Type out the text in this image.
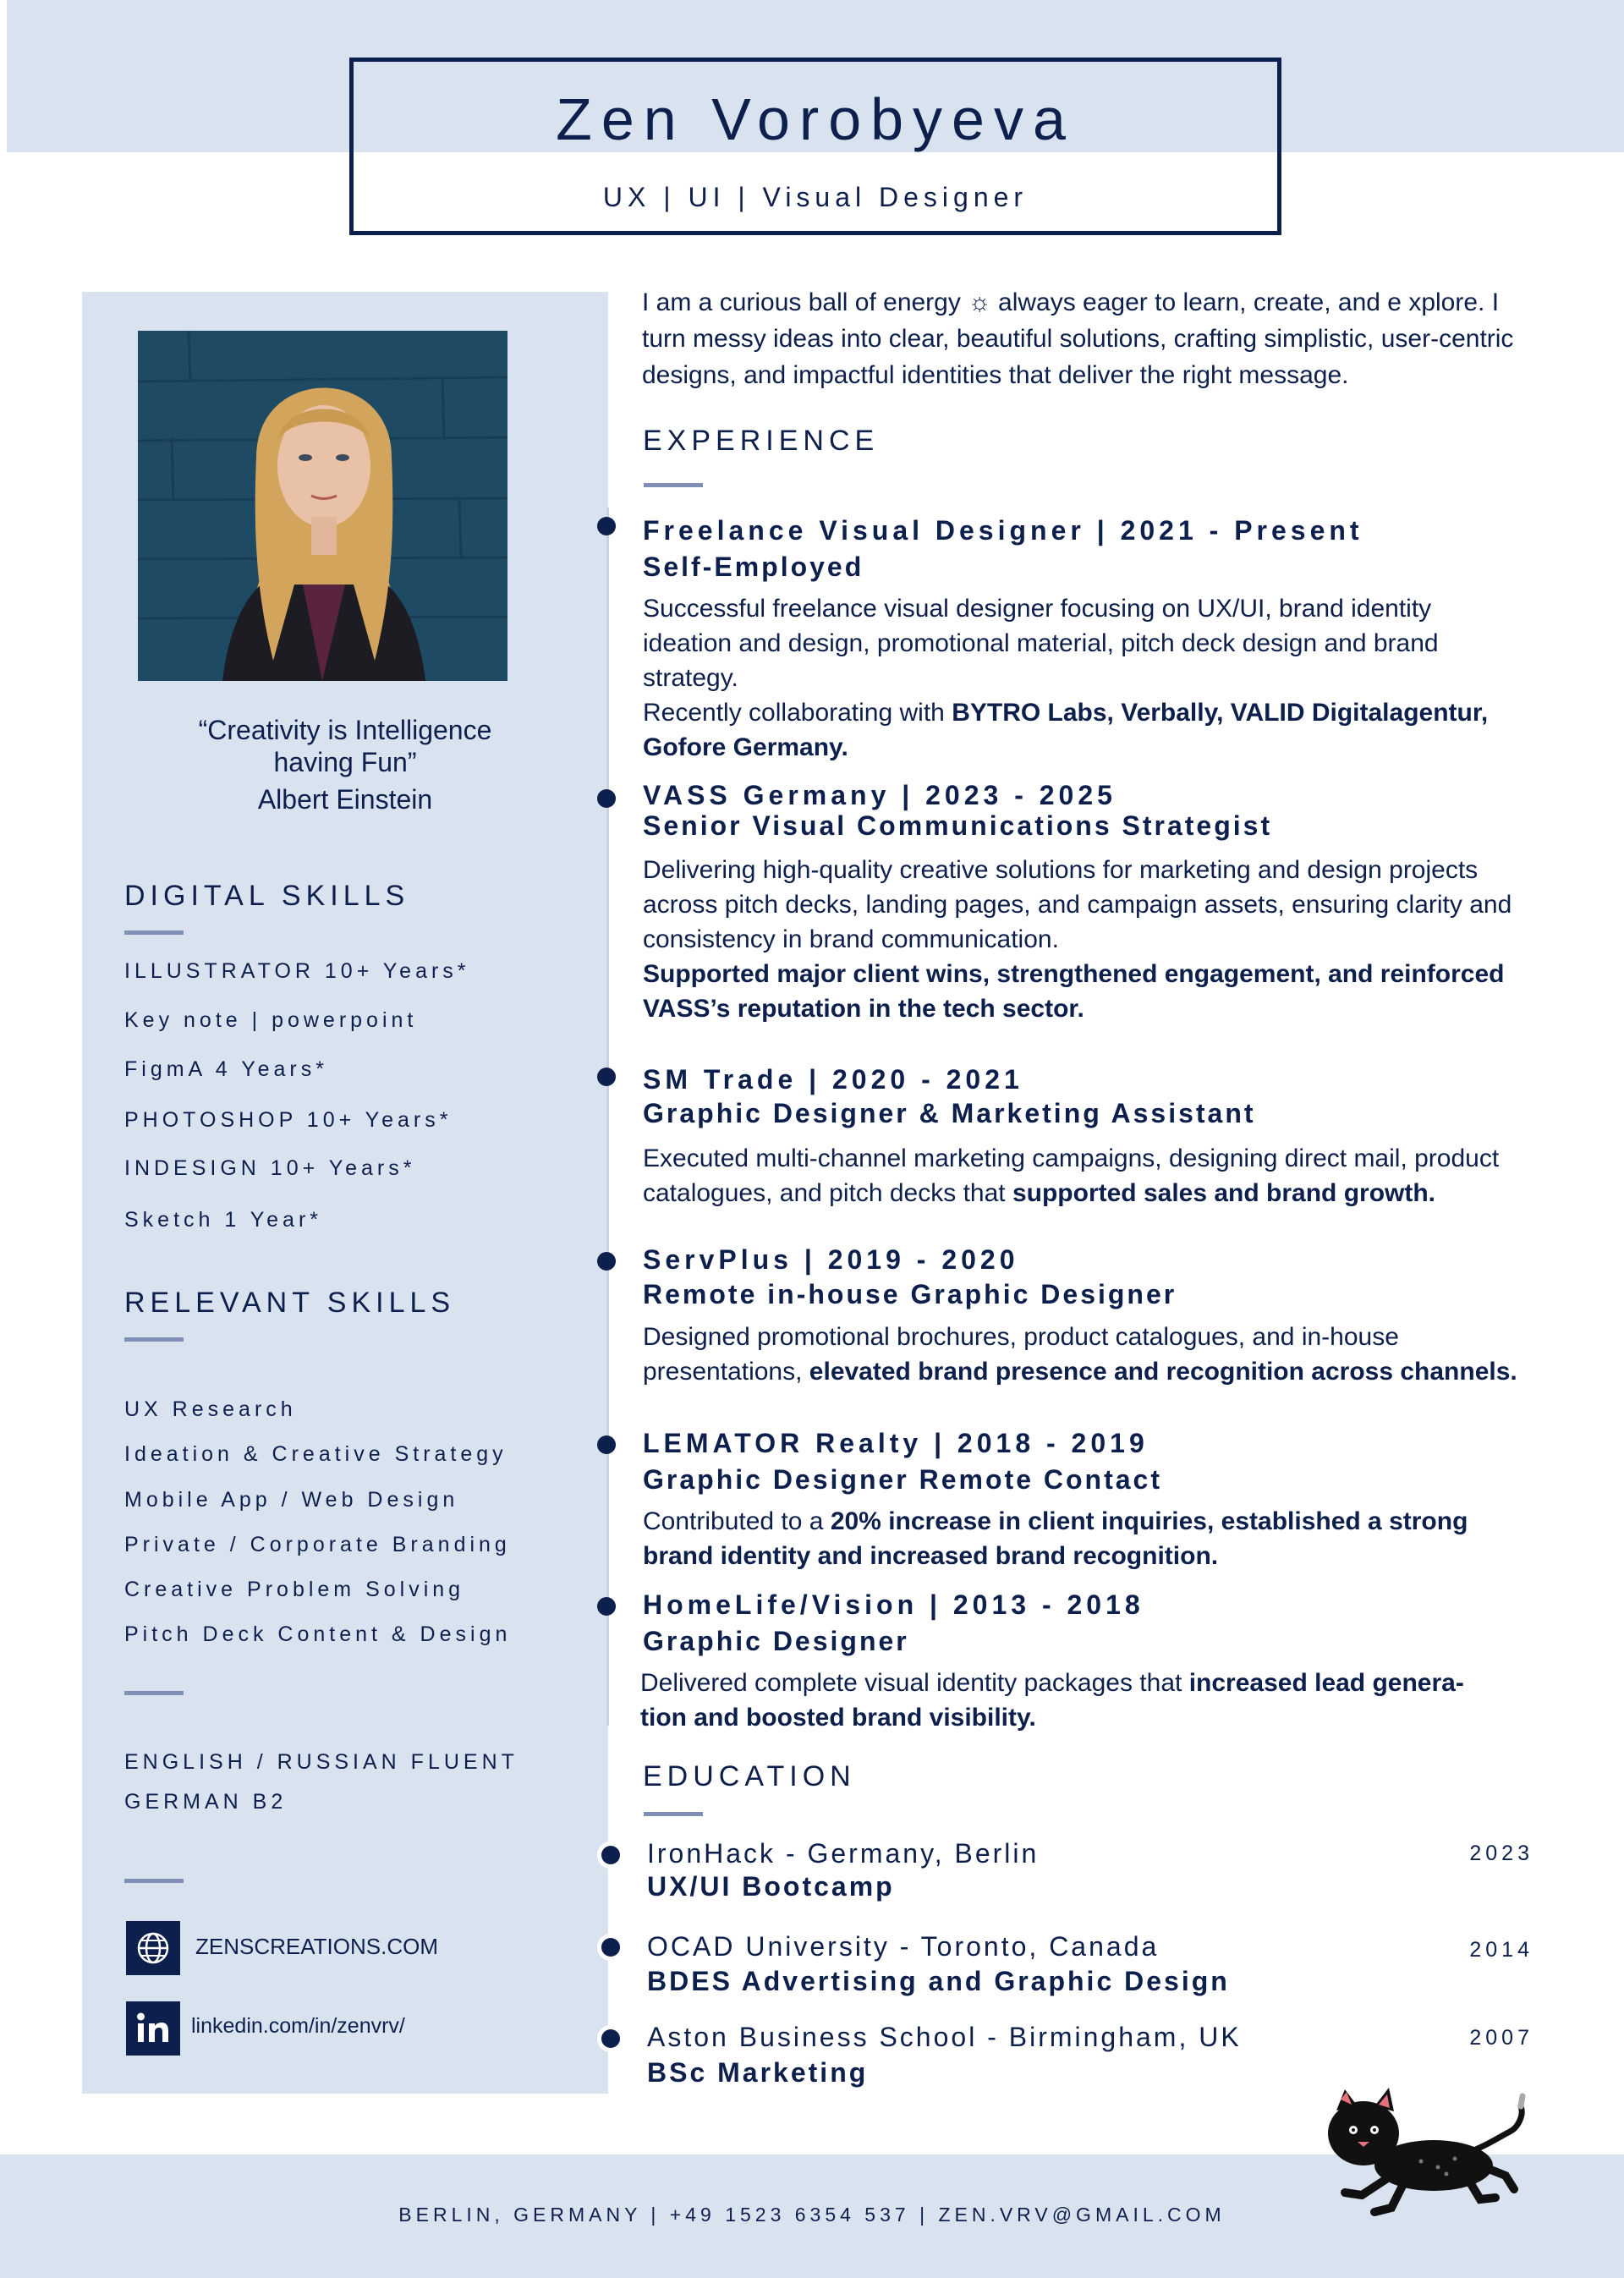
Zen Vorobyeva
UX | UI | Visual Designer
“Creativity is Intelligence
having Fun”
Albert Einstein
DIGITAL SKILLS
ILLUSTRATOR 10+ Years*
Key note | powerpoint
FigmA 4 Years*
PHOTOSHOP 10+ Years*
INDESIGN 10+ Years*
Sketch 1 Year*
RELEVANT SKILLS
UX Research
Ideation & Creative Strategy
Mobile App / Web Design
Private / Corporate Branding
Creative Problem Solving
Pitch Deck Content & Design
ENGLISH / RUSSIAN FLUENT
GERMAN B2
ZENSCREATIONS.COM
linkedin.com/in/zenvrv/
I am a curious ball of energy ☼ always eager to learn, create, and e xplore. I turn messy ideas into clear, beautiful solutions, crafting simplistic, user-centric designs, and impactful identities that deliver the right message.
EXPERIENCE
Freelance Visual Designer | 2021 - Present
Self-Employed
Successful freelance visual designer focusing on UX/UI, brand identity ideation and design, promotional material, pitch deck design and brand strategy.
Recently collaborating with BYTRO Labs, Verbally, VALID Digitalagentur, Gofore Germany.
VASS Germany | 2023 - 2025
Senior Visual Communications Strategist
Delivering high-quality creative solutions for marketing and design projects across pitch decks, landing pages, and campaign assets, ensuring clarity and consistency in brand communication.
Supported major client wins, strengthened engagement, and reinforced VASS’s reputation in the tech sector.
SM Trade | 2020 - 2021
Graphic Designer & Marketing Assistant
Executed multi-channel marketing campaigns, designing direct mail, product catalogues, and pitch decks that supported sales and brand growth.
ServPlus | 2019 - 2020
Remote in-house Graphic Designer
Designed promotional brochures, product catalogues, and in-house presentations, elevated brand presence and recognition across channels.
LEMATOR Realty | 2018 - 2019
Graphic Designer Remote Contact
Contributed to a 20% increase in client inquiries, established a strong brand identity and increased brand recognition.
HomeLife/Vision | 2013 - 2018
Graphic Designer
Delivered complete visual identity packages that increased lead genera- tion and boosted brand visibility.
EDUCATION
IronHack - Germany, Berlin
UX/UI Bootcamp
2023
OCAD University - Toronto, Canada
BDES Advertising and Graphic Design
2014
Aston Business School - Birmingham, UK
BSc Marketing
2007
BERLIN, GERMANY | +49 1523 6354 537 | ZEN.VRV@GMAIL.COM
